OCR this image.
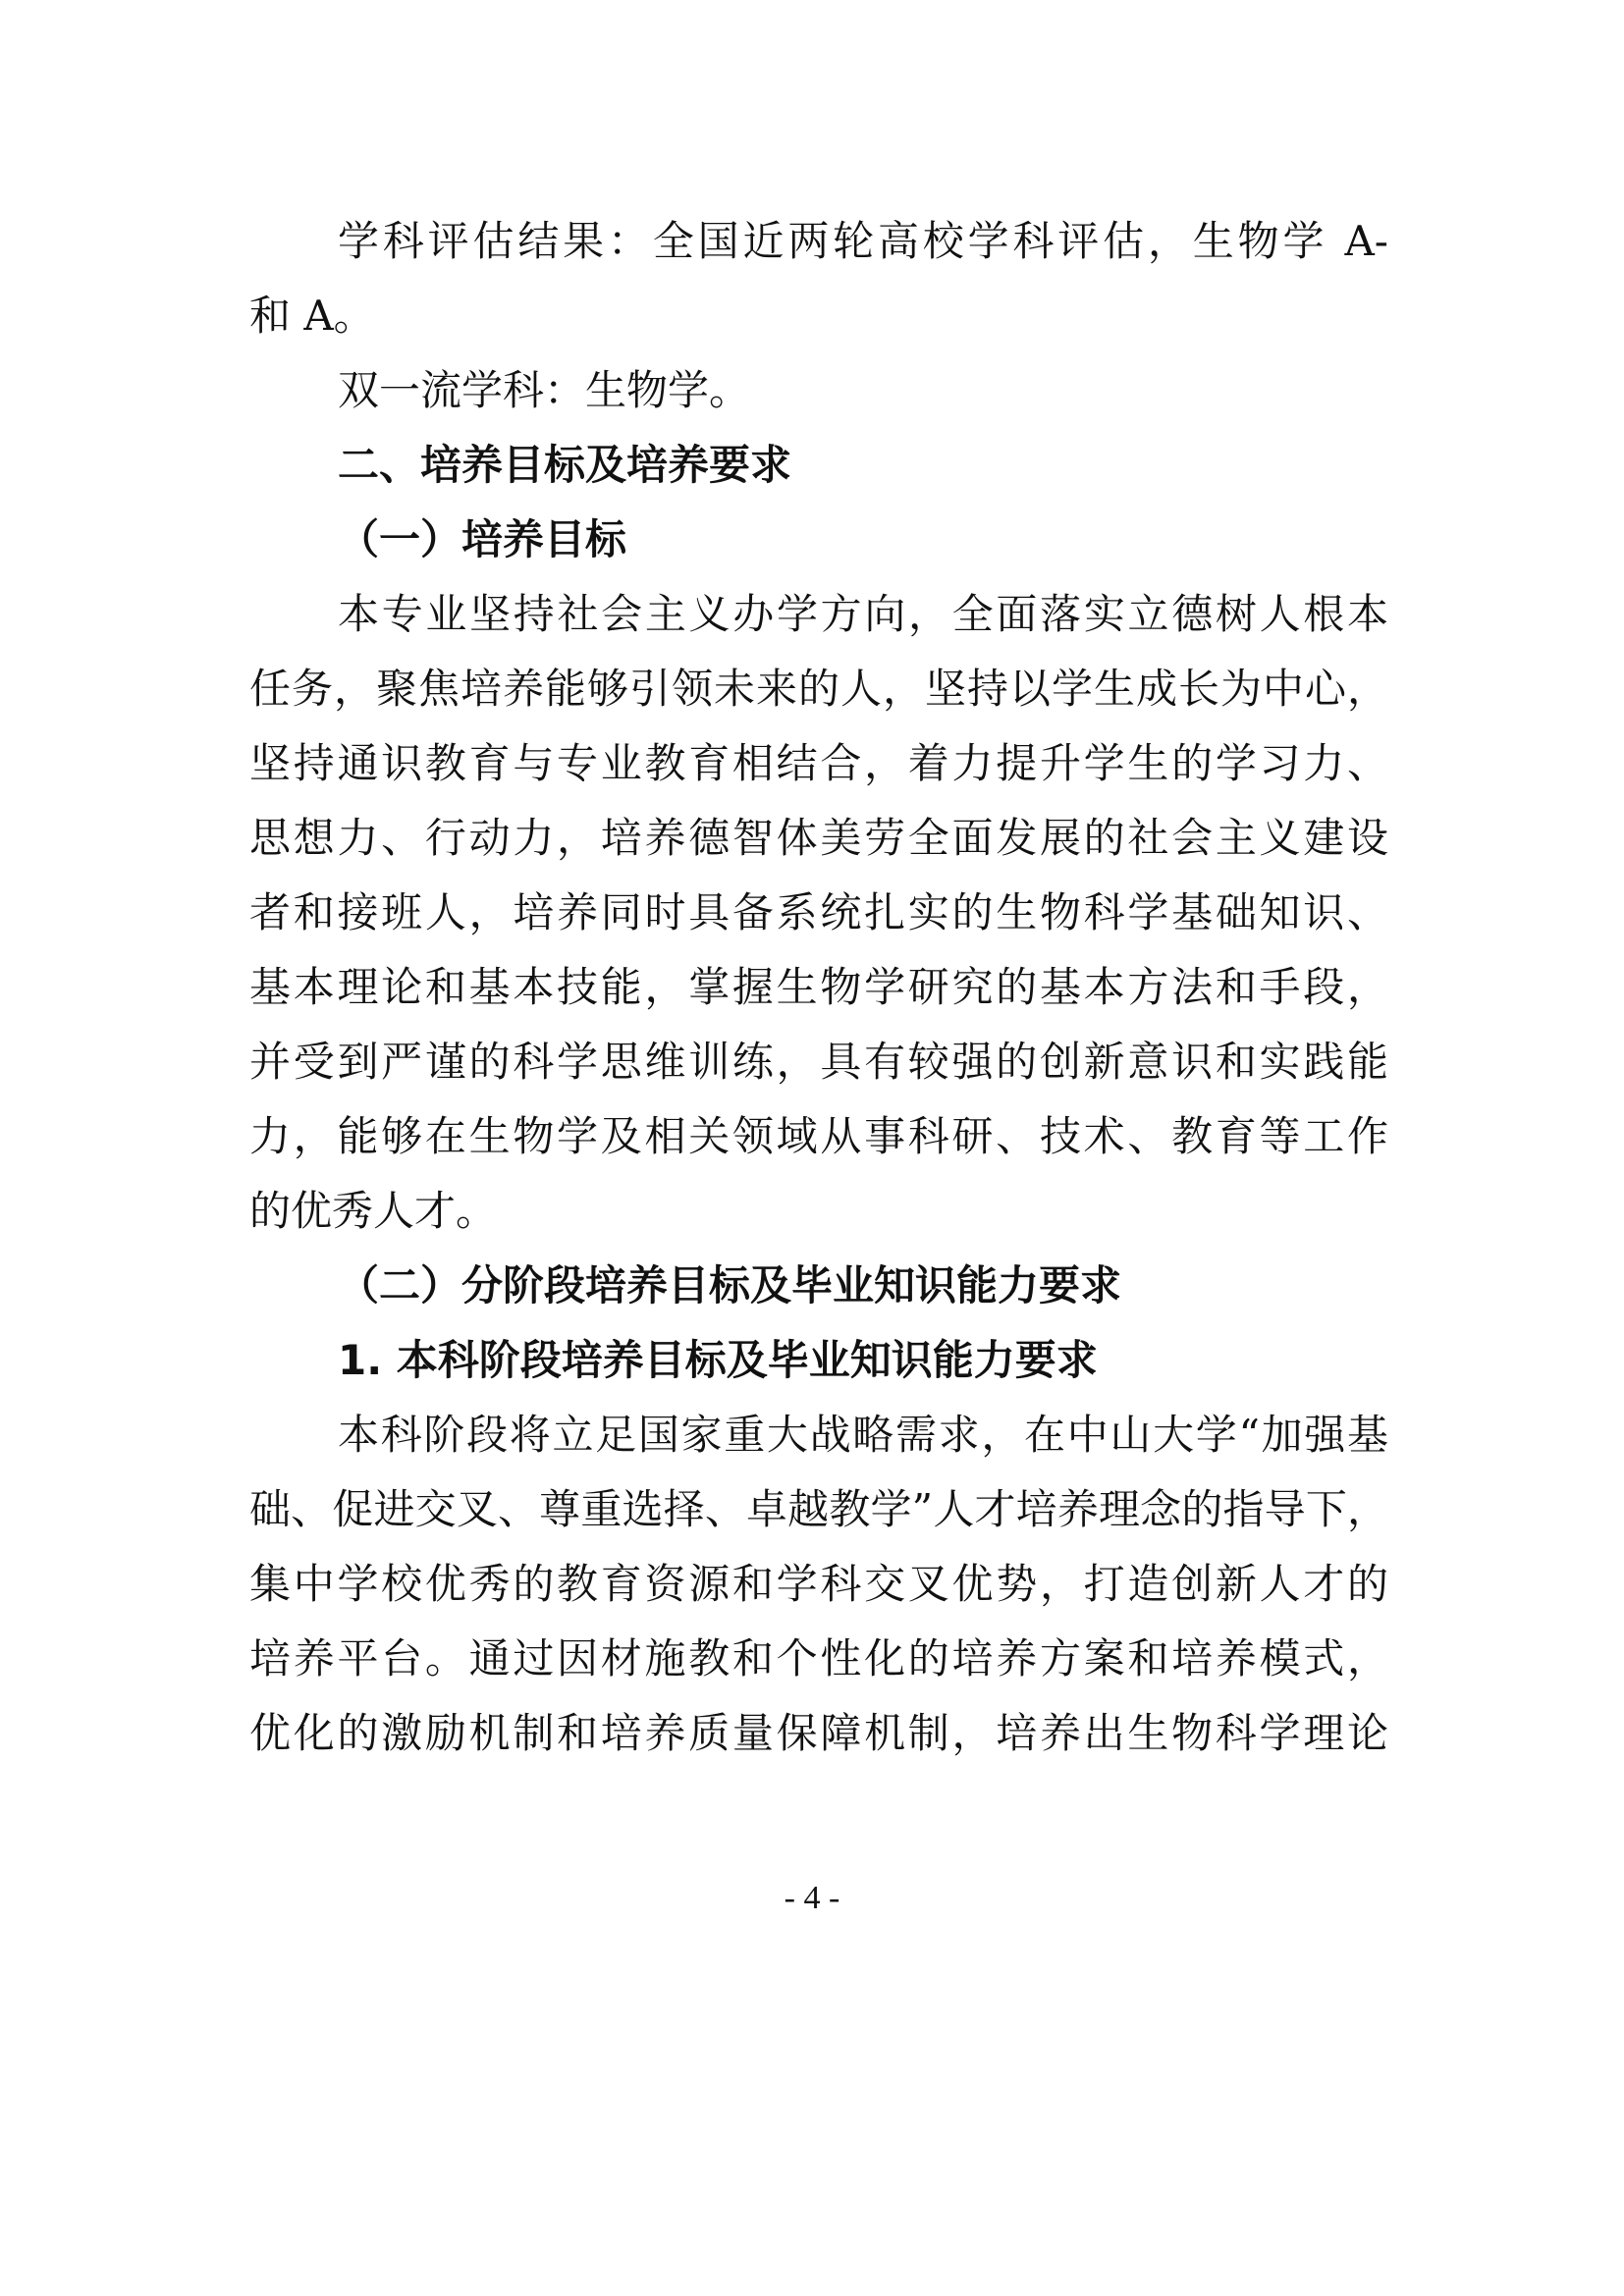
学科评估结果：全国近两轮高校学科评估，生物学 A-
和 A。
双一流学科：生物学。
二、培养目标及培养要求
（一）培养目标
本专业坚持社会主义办学方向，全面落实立德树人根本
任务，聚焦培养能够引领未来的人，坚持以学生成长为中心，
坚持通识教育与专业教育相结合，着力提升学生的学习力、
思想力、行动力，培养德智体美劳全面发展的社会主义建设
者和接班人，培养同时具备系统扎实的生物科学基础知识、
基本理论和基本技能，掌握生物学研究的基本方法和手段，
并受到严谨的科学思维训练，具有较强的创新意识和实践能
力，能够在生物学及相关领域从事科研、技术、教育等工作
的优秀人才。
（二）分阶段培养目标及毕业知识能力要求
1. 本科阶段培养目标及毕业知识能力要求
本科阶段将立足国家重大战略需求，在中山大学“加强基
础、促进交叉、尊重选择、卓越教学”人才培养理念的指导下，
集中学校优秀的教育资源和学科交叉优势，打造创新人才的
培养平台。通过因材施教和个性化的培养方案和培养模式，
优化的激励机制和培养质量保障机制，培养出生物科学理论
- 4 -
